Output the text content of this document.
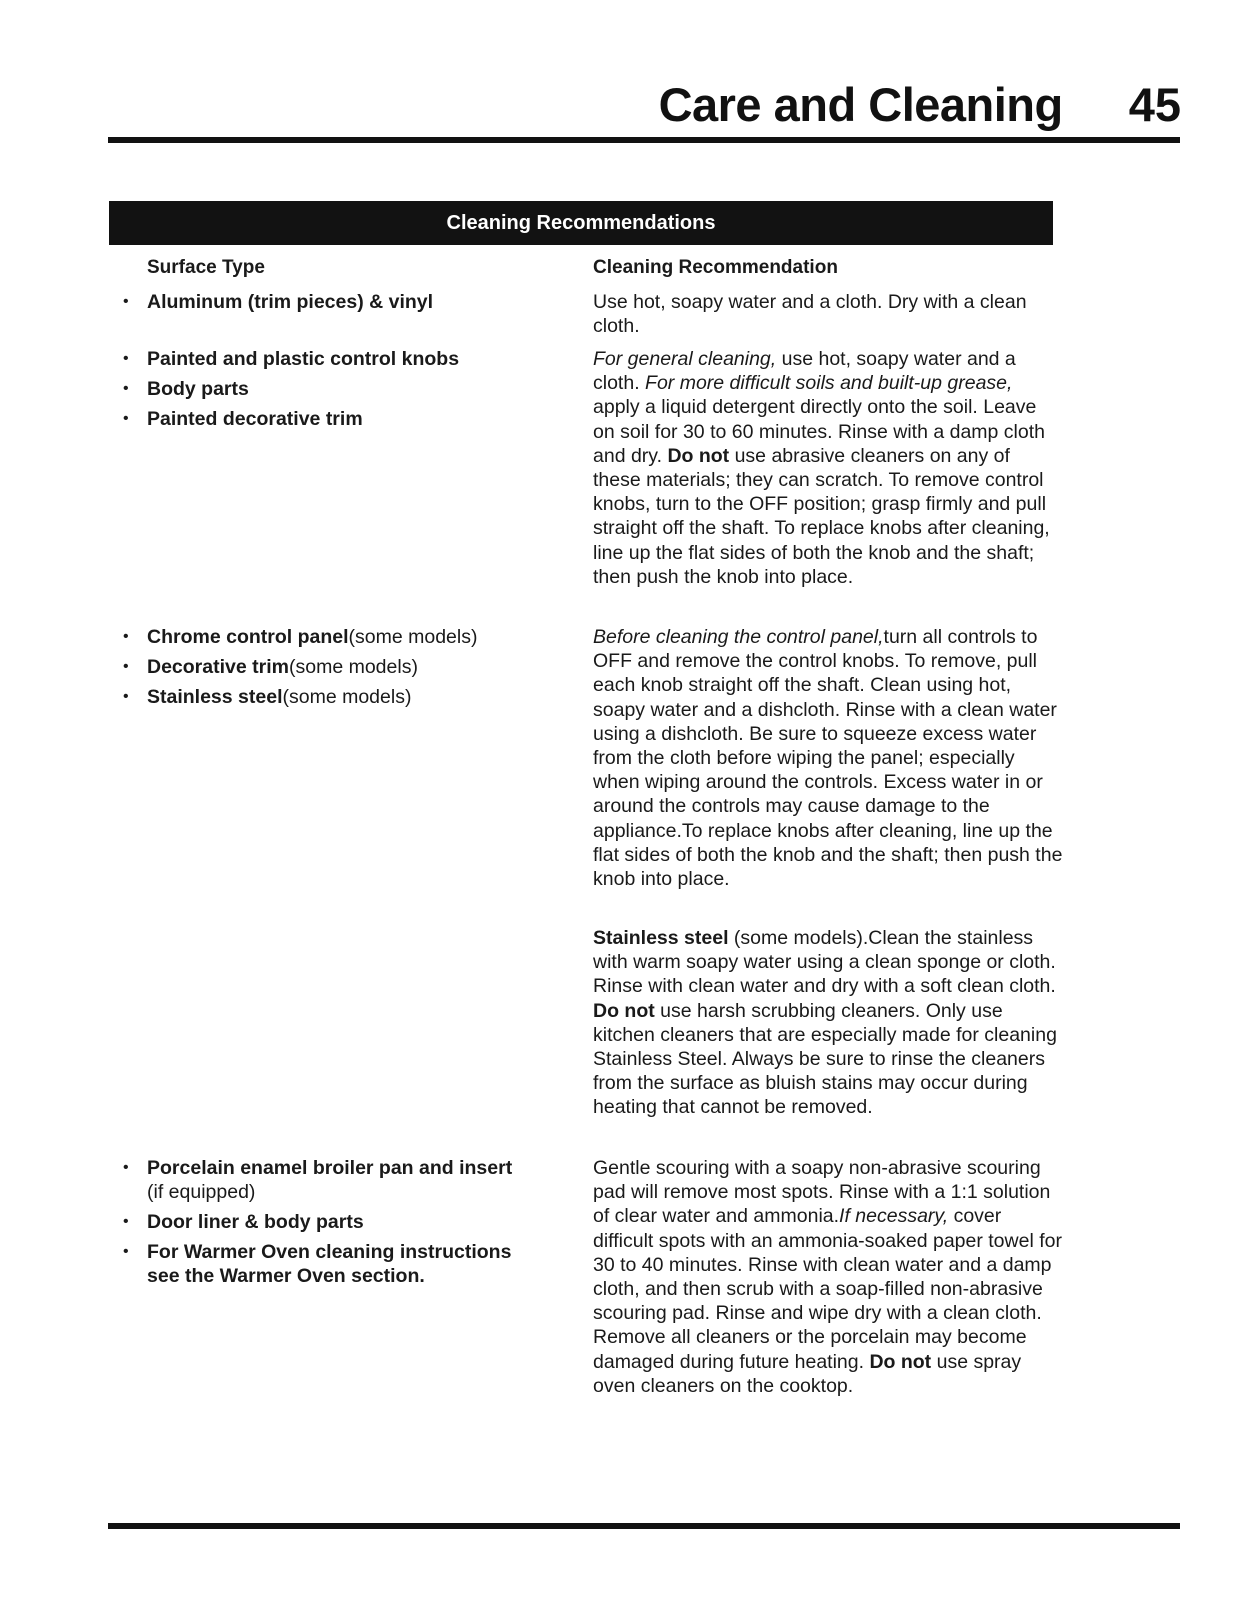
Care and Cleaning 45
Cleaning Recommendations
Surface Type	Cleaning Recommendation
• Aluminum (trim pieces) & vinyl	Use hot, soapy water and a cloth. Dry with a clean cloth.

• Painted and plastic control knobs
• Body parts
• Painted decorative trim

For general cleaning, use hot, soapy water and a cloth. For more difficult soils and built-up grease, apply a liquid detergent directly onto the soil. Leave on soil for 30 to 60 minutes. Rinse with a damp cloth and dry. Do not use abrasive cleaners on any of these materials; they can scratch. To remove control knobs, turn to the OFF position; grasp firmly and pull straight off the shaft. To replace knobs after cleaning, line up the flat sides of both the knob and the shaft; then push the knob into place.

• Chrome control panel(some models)
• Decorative trim(some models)
• Stainless steel(some models)

Before cleaning the control panel,turn all controls to OFF and remove the control knobs. To remove, pull each knob straight off the shaft. Clean using hot, soapy water and a dishcloth. Rinse with a clean water using a dishcloth. Be sure to squeeze excess water from the cloth before wiping the panel; especially when wiping around the controls. Excess water in or around the controls may cause damage to the appliance.To replace knobs after cleaning, line up the flat sides of both the knob and the shaft; then push the knob into place.

Stainless steel (some models).Clean the stainless with warm soapy water using a clean sponge or cloth. Rinse with clean water and dry with a soft clean cloth. Do not use harsh scrubbing cleaners. Only use kitchen cleaners that are especially made for cleaning Stainless Steel. Always be sure to rinse the cleaners from the surface as bluish stains may occur during heating that cannot be removed.

• Porcelain enamel broiler pan and insert (if equipped)
• Door liner & body parts
• For Warmer Oven cleaning instructions see the Warmer Oven section.

Gentle scouring with a soapy non-abrasive scouring pad will remove most spots. Rinse with a 1:1 solution of clear water and ammonia.If necessary, cover difficult spots with an ammonia-soaked paper towel for 30 to 40 minutes. Rinse with clean water and a damp cloth, and then scrub with a soap-filled non-abrasive scouring pad. Rinse and wipe dry with a clean cloth. Remove all cleaners or the porcelain may become damaged during future heating. Do not use spray oven cleaners on the cooktop.
